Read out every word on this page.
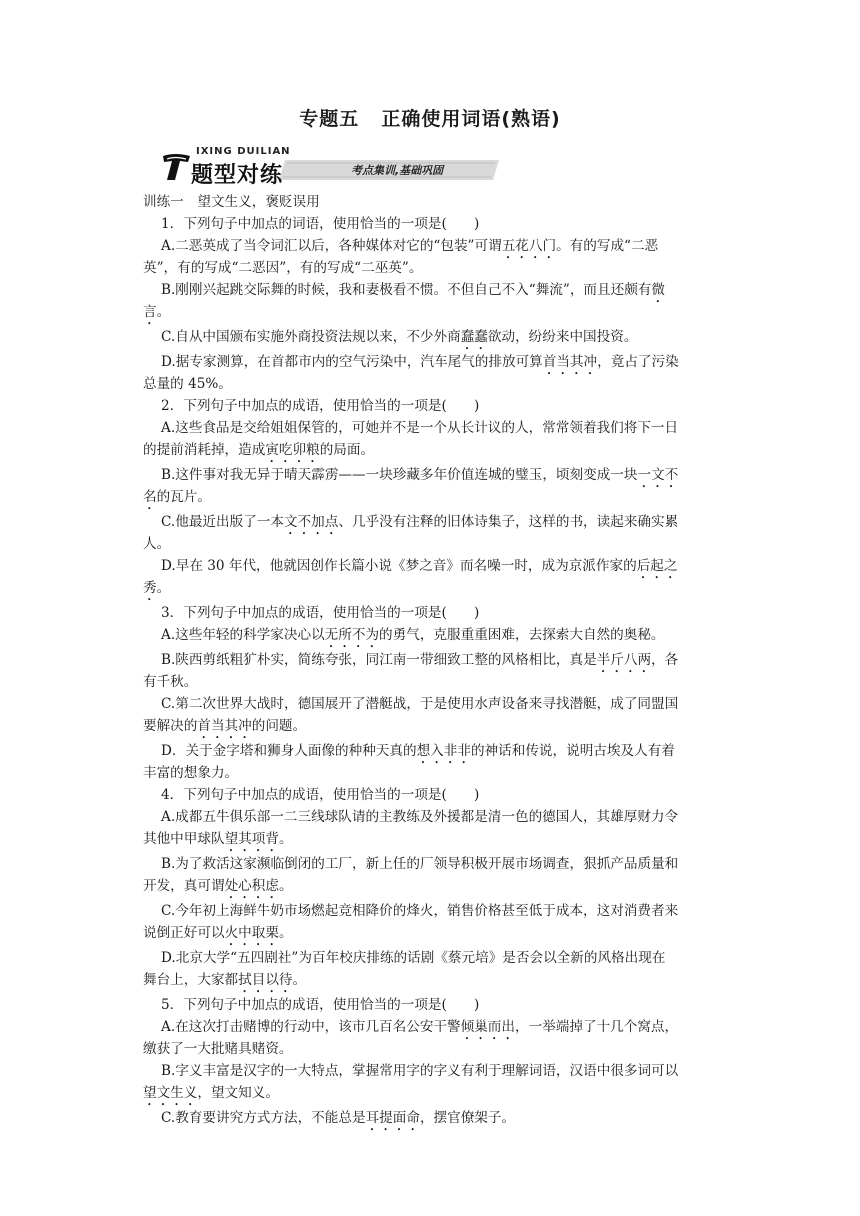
专题五 正确使用词语(熟语)
IXING DUILIAN
题型对练	考点集训,基础巩固
训练一　望文生义，褒贬误用
1．下列句子中加点的词语，使用恰当的一项是(　　)
A.二恶英成了当令词汇以后，各种媒体对它的“包装”可谓五花八门。有的写成“二恶
英”，有的写成“二恶因”，有的写成“二巫英”。
B.刚刚兴起跳交际舞的时候，我和妻极看不惯。不但自己不入“舞流”，而且还颇有微
言。
C.自从中国颁布实施外商投资法规以来，不少外商蠢蠢欲动，纷纷来中国投资。
D.据专家测算，在首都市内的空气污染中，汽车尾气的排放可算首当其冲，竟占了污染
总量的 45%。
2．下列句子中加点的成语，使用恰当的一项是(　　)
A.这些食品是交给姐姐保管的，可她并不是一个从长计议的人，常常领着我们将下一日
的提前消耗掉，造成寅吃卯粮的局面。
B.这件事对我无异于晴天霹雳——一块珍藏多年价值连城的璧玉，顷刻变成一块一文不
名的瓦片。
C.他最近出版了一本文不加点、几乎没有注释的旧体诗集子，这样的书，读起来确实累
人。
D.早在 30 年代，他就因创作长篇小说《梦之音》而名噪一时，成为京派作家的后起之
秀。
3．下列句子中加点的成语，使用恰当的一项是(　　)
A.这些年轻的科学家决心以无所不为的勇气，克服重重困难，去探索大自然的奥秘。
B.陕西剪纸粗犷朴实，简练夸张，同江南一带细致工整的风格相比，真是半斤八两，各
有千秋。
C.第二次世界大战时，德国展开了潜艇战，于是使用水声设备来寻找潜艇，成了同盟国
要解决的首当其冲的问题。
D．关于金字塔和狮身人面像的种种天真的想入非非的神话和传说，说明古埃及人有着
丰富的想象力。
4．下列句子中加点的成语，使用恰当的一项是(　　)
A.成都五牛俱乐部一二三线球队请的主教练及外援都是清一色的德国人，其雄厚财力令
其他中甲球队望其项背。
B.为了救活这家濒临倒闭的工厂，新上任的厂领导积极开展市场调查，狠抓产品质量和
开发，真可谓处心积虑。
C.今年初上海鲜牛奶市场燃起竞相降价的烽火，销售价格甚至低于成本，这对消费者来
说倒正好可以火中取栗。
D.北京大学“五四剧社”为百年校庆排练的话剧《蔡元培》是否会以全新的风格出现在
舞台上，大家都拭目以待。
5．下列句子中加点的成语，使用恰当的一项是(　　)
A.在这次打击赌博的行动中，该市几百名公安干警倾巢而出，一举端掉了十几个窝点，
缴获了一大批赌具赌资。
B.字义丰富是汉字的一大特点，掌握常用字的字义有利于理解词语，汉语中很多词可以
望文生义，望文知义。
C.教育要讲究方式方法，不能总是耳提面命，摆官僚架子。
